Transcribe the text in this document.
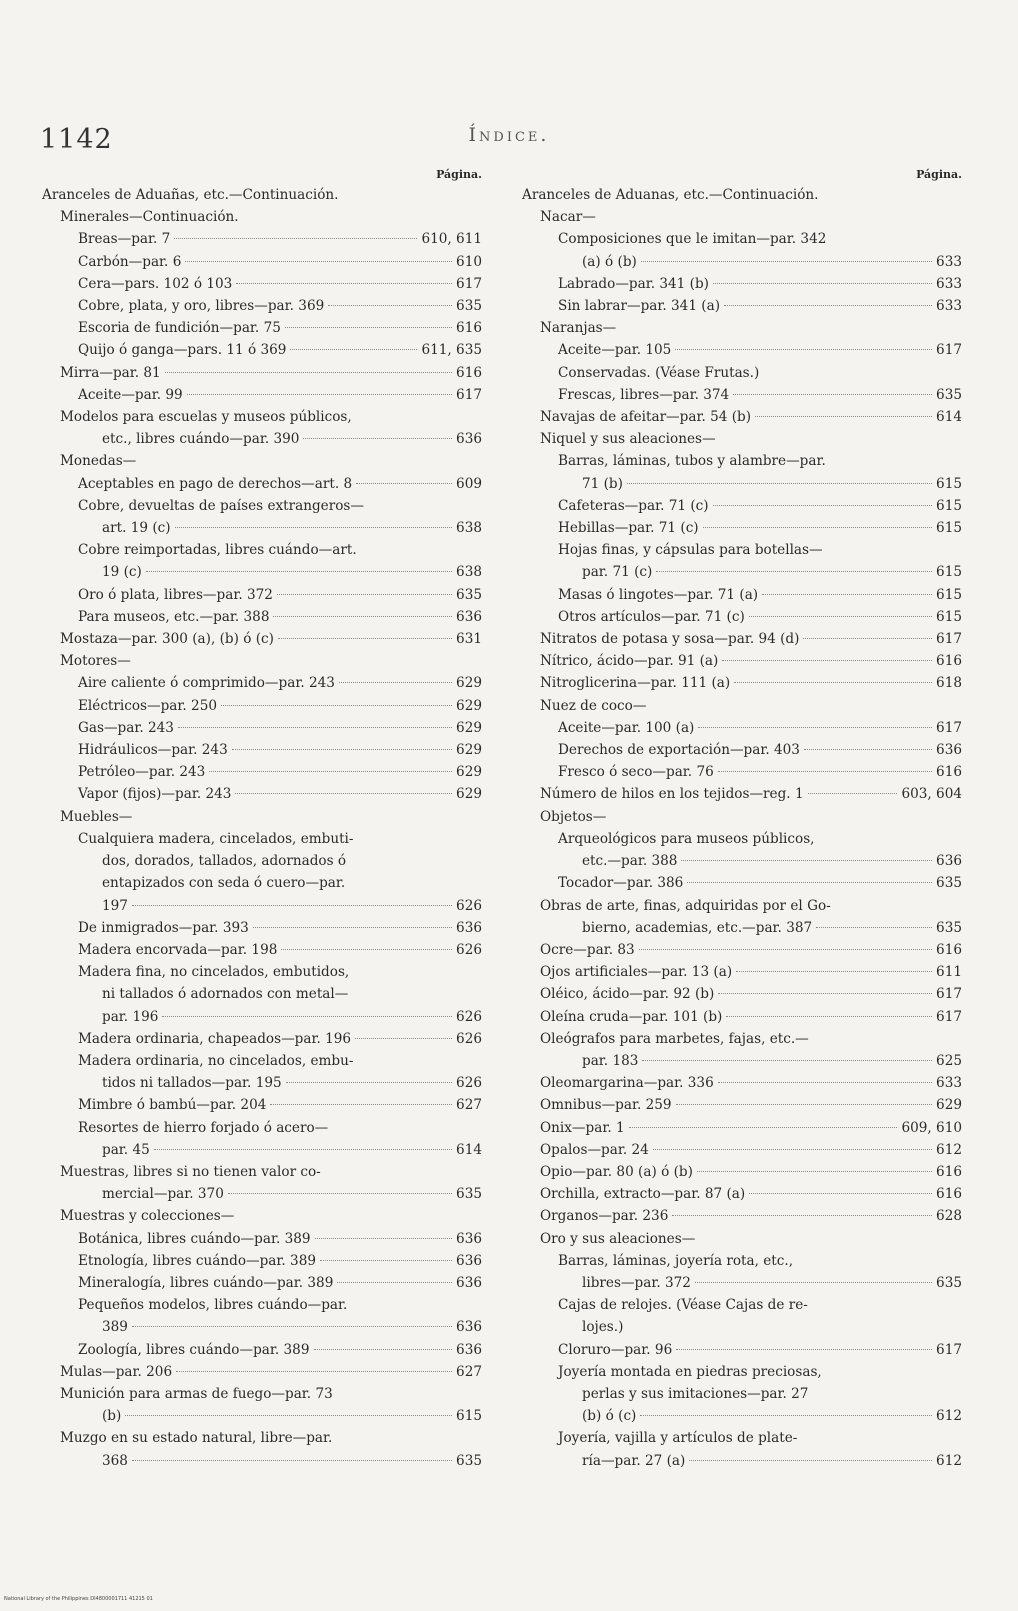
1142	Índice.
Página.
Aranceles de Aduañas, etc.—Continuación.
Minerales—Continuación.
Breas—par. 7	610, 611
Carbón—par. 6	610
Cera—pars. 102 ó 103	617
Cobre, plata, y oro, libres—par. 369	635
Escoria de fundición—par. 75	616
Quijo ó ganga—pars. 11 ó 369	611, 635
Mirra—par. 81	616
Aceite—par. 99	617
Modelos para escuelas y museos públicos,
etc., libres cuándo—par. 390	636
Monedas—
Aceptables en pago de derechos—art. 8	609
Cobre, devueltas de países extrangeros—
art. 19 (c)	638
Cobre reimportadas, libres cuándo—art.
19 (c)	638
Oro ó plata, libres—par. 372	635
Para museos, etc.—par. 388	636
Mostaza—par. 300 (a), (b) ó (c)	631
Motores—
Aire caliente ó comprimido—par. 243	629
Eléctricos—par. 250	629
Gas—par. 243	629
Hidráulicos—par. 243	629
Petróleo—par. 243	629
Vapor (fijos)—par. 243	629
Muebles—
Cualquiera madera, cincelados, embuti-
dos, dorados, tallados, adornados ó
entapizados con seda ó cuero—par.
197	626
De inmigrados—par. 393	636
Madera encorvada—par. 198	626
Madera fina, no cincelados, embutidos,
ni tallados ó adornados con metal—
par. 196	626
Madera ordinaria, chapeados—par. 196	626
Madera ordinaria, no cincelados, embu-
tidos ni tallados—par. 195	626
Mimbre ó bambú—par. 204	627
Resortes de hierro forjado ó acero—
par. 45	614
Muestras, libres si no tienen valor co-
mercial—par. 370	635
Muestras y colecciones—
Botánica, libres cuándo—par. 389	636
Etnología, libres cuándo—par. 389	636
Mineralogía, libres cuándo—par. 389	636
Pequeños modelos, libres cuándo—par.
389	636
Zoología, libres cuándo—par. 389	636
Mulas—par. 206	627
Munición para armas de fuego—par. 73
(b)	615
Muzgo en su estado natural, libre—par.
368	635
Página.
Aranceles de Aduanas, etc.—Continuación.
Nacar—
Composiciones que le imitan—par. 342
(a) ó (b)	633
Labrado—par. 341 (b)	633
Sin labrar—par. 341 (a)	633
Naranjas—
Aceite—par. 105	617
Conservadas. (Véase Frutas.)
Frescas, libres—par. 374	635
Navajas de afeitar—par. 54 (b)	614
Niquel y sus aleaciones—
Barras, láminas, tubos y alambre—par.
71 (b)	615
Cafeteras—par. 71 (c)	615
Hebillas—par. 71 (c)	615
Hojas finas, y cápsulas para botellas—
par. 71 (c)	615
Masas ó lingotes—par. 71 (a)	615
Otros artículos—par. 71 (c)	615
Nitratos de potasa y sosa—par. 94 (d)	617
Nítrico, ácido—par. 91 (a)	616
Nitroglicerina—par. 111 (a)	618
Nuez de coco—
Aceite—par. 100 (a)	617
Derechos de exportación—par. 403	636
Fresco ó seco—par. 76	616
Número de hilos en los tejidos—reg. 1	603, 604
Objetos—
Arqueológicos para museos públicos,
etc.—par. 388	636
Tocador—par. 386	635
Obras de arte, finas, adquiridas por el Go-
bierno, academias, etc.—par. 387	635
Ocre—par. 83	616
Ojos artificiales—par. 13 (a)	611
Oléico, ácido—par. 92 (b)	617
Oleína cruda—par. 101 (b)	617
Oleógrafos para marbetes, fajas, etc.—
par. 183	625
Oleomargarina—par. 336	633
Omnibus—par. 259	629
Onix—par. 1	609, 610
Opalos—par. 24	612
Opio—par. 80 (a) ó (b)	616
Orchilla, extracto—par. 87 (a)	616
Organos—par. 236	628
Oro y sus aleaciones—
Barras, láminas, joyería rota, etc.,
libres—par. 372	635
Cajas de relojes. (Véase Cajas de re-
lojes.)
Cloruro—par. 96	617
Joyería montada en piedras preciosas,
perlas y sus imitaciones—par. 27
(b) ó (c)	612
Joyería, vajilla y artículos de plate-
ría—par. 27 (a)	612
National Library of the Philippines DI4800001711 41215 01
